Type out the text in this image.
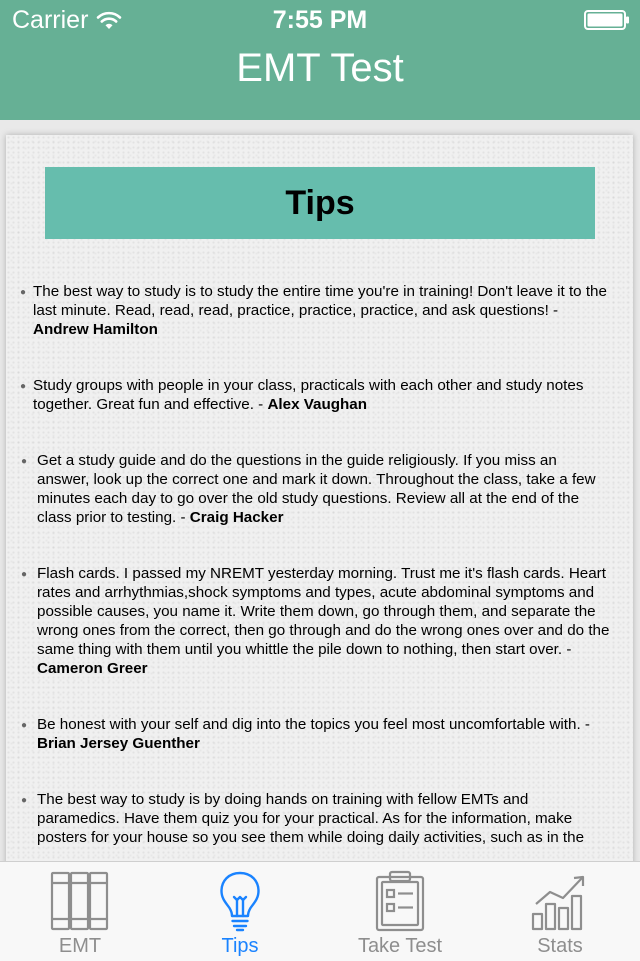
Carrier	7:55 PM
EMT Test
Tips
● The best way to study is to study the entire time you're in training! Don't leave it to the last minute. Read, read, read, practice, practice, practice, and ask questions! - Andrew Hamilton
● Study groups with people in your class, practicals with each other and study notes together. Great fun and effective. - Alex Vaughan
● Get a study guide and do the questions in the guide religiously. If you miss an answer, look up the correct one and mark it down. Throughout the class, take a few minutes each day to go over the old study questions. Review all at the end of the class prior to testing. - Craig Hacker
● Flash cards. I passed my NREMT yesterday morning. Trust me it's flash cards. Heart rates and arrhythmias,shock symptoms and types, acute abdominal symptoms and possible causes, you name it. Write them down, go through them, and separate the wrong ones from the correct, then go through and do the wrong ones over and do the same thing with them until you whittle the pile down to nothing, then start over. - Cameron Greer
● Be honest with your self and dig into the topics you feel most uncomfortable with. - Brian Jersey Guenther
● The best way to study is by doing hands on training with fellow EMTs and paramedics. Have them quiz you for your practical. As for the information, make posters for your house so you see them while doing daily activities, such as in the
EMT	Tips	Take Test	Stats
